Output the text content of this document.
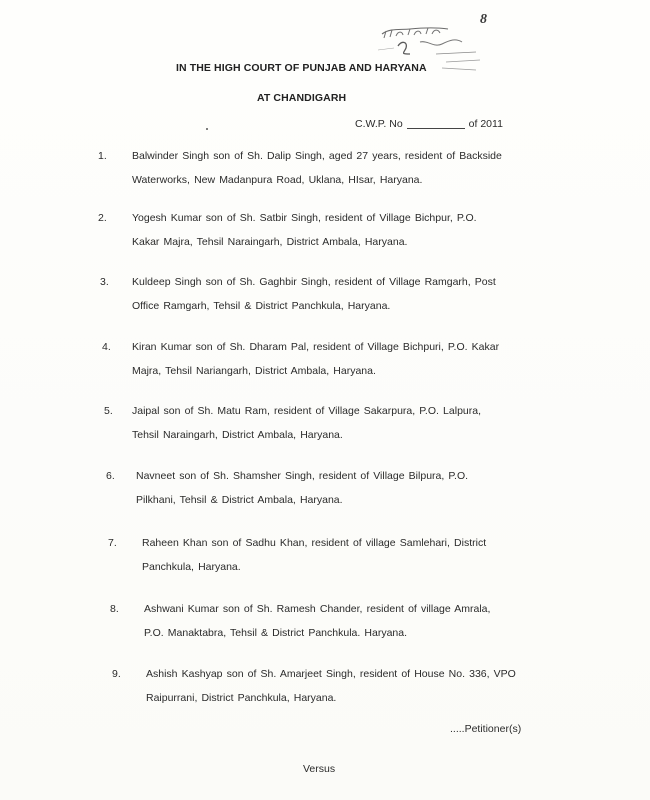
8
IN THE HIGH COURT OF PUNJAB AND HARYANA
AT CHANDIGARH
C.W.P. No	of 2011
1. Balwinder Singh son of Sh. Dalip Singh, aged 27 years, resident of Backside
Waterworks, New Madanpura Road, Uklana, HIsar, Haryana.
2. Yogesh Kumar son of Sh. Satbir Singh, resident of Village Bichpur, P.O.
Kakar Majra, Tehsil Naraingarh, District Ambala, Haryana.
3. Kuldeep Singh son of Sh. Gaghbir Singh, resident of Village Ramgarh, Post
Office Ramgarh, Tehsil & District Panchkula, Haryana.
4. Kiran Kumar son of Sh. Dharam Pal, resident of Village Bichpuri, P.O. Kakar
Majra, Tehsil Nariangarh, District Ambala, Haryana.
5. Jaipal son of Sh. Matu Ram, resident of Village Sakarpura, P.O. Lalpura,
Tehsil Naraingarh, District Ambala, Haryana.
6. Navneet son of Sh. Shamsher Singh, resident of Village Bilpura, P.O.
Pilkhani, Tehsil & District Ambala, Haryana.
7. Raheen Khan son of Sadhu Khan, resident of village Samlehari, District
Panchkula, Haryana.
8. Ashwani Kumar son of Sh. Ramesh Chander, resident of village Amrala,
P.O. Manaktabra, Tehsil & District Panchkula. Haryana.
9. Ashish Kashyap son of Sh. Amarjeet Singh, resident of House No. 336, VPO
Raipurrani, District Panchkula, Haryana.
.....Petitioner(s)
Versus
